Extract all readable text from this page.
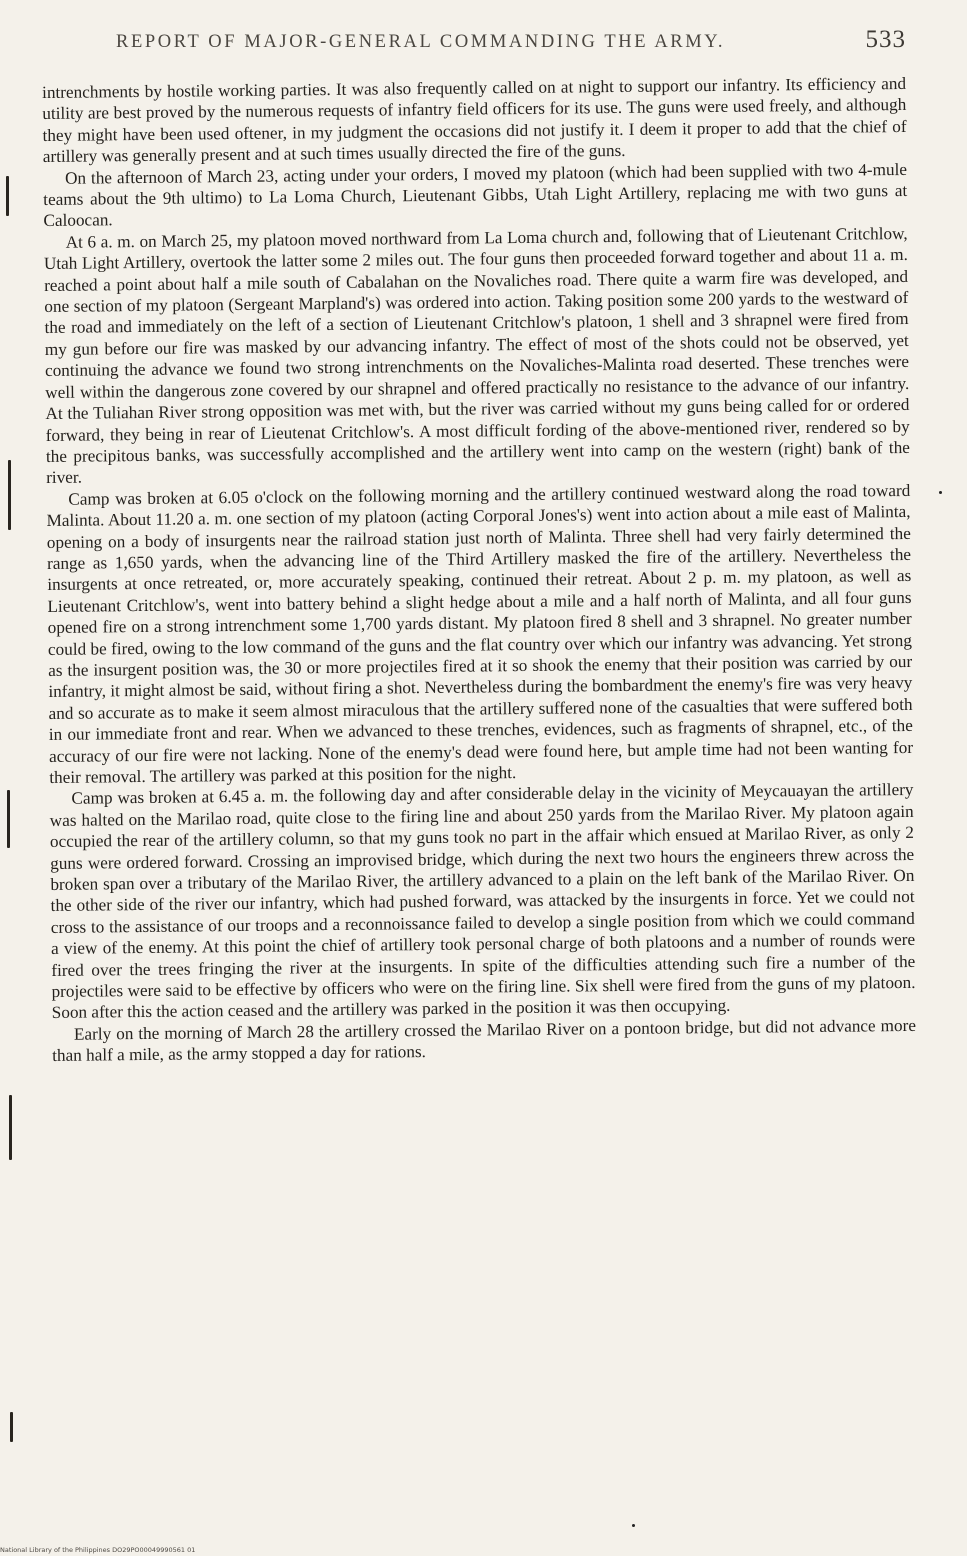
REPORT OF MAJOR-GENERAL COMMANDING THE ARMY.	533

intrenchments by hostile working parties. It was also frequently called on at night to support our infantry. Its efficiency and utility are best proved by the numerous requests of infantry field officers for its use. The guns were used freely, and although they might have been used oftener, in my judgment the occasions did not justify it. I deem it proper to add that the chief of artillery was generally present and at such times usually directed the fire of the guns.

On the afternoon of March 23, acting under your orders, I moved my platoon (which had been supplied with two 4-mule teams about the 9th ultimo) to La Loma Church, Lieutenant Gibbs, Utah Light Artillery, replacing me with two guns at Caloocan.

At 6 a. m. on March 25, my platoon moved northward from La Loma church and, following that of Lieutenant Critchlow, Utah Light Artillery, overtook the latter some 2 miles out. The four guns then proceeded forward together and about 11 a. m. reached a point about half a mile south of Cabalahan on the Novaliches road. There quite a warm fire was developed, and one section of my platoon (Sergeant Marpland's) was ordered into action. Taking position some 200 yards to the westward of the road and immediately on the left of a section of Lieutenant Critchlow's platoon, 1 shell and 3 shrapnel were fired from my gun before our fire was masked by our advancing infantry. The effect of most of the shots could not be observed, yet continuing the advance we found two strong intrenchments on the Novaliches-Malinta road deserted. These trenches were well within the dangerous zone covered by our shrapnel and offered practically no resistance to the advance of our infantry. At the Tuliahan River strong opposition was met with, but the river was carried without my guns being called for or ordered forward, they being in rear of Lieutenat Critchlow's. A most difficult fording of the above-mentioned river, rendered so by the precipitous banks, was successfully accomplished and the artillery went into camp on the western (right) bank of the river.

Camp was broken at 6.05 o'clock on the following morning and the artillery continued westward along the road toward Malinta. About 11.20 a. m. one section of my platoon (acting Corporal Jones's) went into action about a mile east of Malinta, opening on a body of insurgents near the railroad station just north of Malinta. Three shell had very fairly determined the range as 1,650 yards, when the advancing line of the Third Artillery masked the fire of the artillery. Nevertheless the insurgents at once retreated, or, more accurately speaking, continued their retreat. About 2 p. m. my platoon, as well as Lieutenant Critchlow's, went into battery behind a slight hedge about a mile and a half north of Malinta, and all four guns opened fire on a strong intrenchment some 1,700 yards distant. My platoon fired 8 shell and 3 shrapnel. No greater number could be fired, owing to the low command of the guns and the flat country over which our infantry was advancing. Yet strong as the insurgent position was, the 30 or more projectiles fired at it so shook the enemy that their position was carried by our infantry, it might almost be said, without firing a shot. Nevertheless during the bombardment the enemy's fire was very heavy and so accurate as to make it seem almost miraculous that the artillery suffered none of the casualties that were suffered both in our immediate front and rear. When we advanced to these trenches, evidences, such as fragments of shrapnel, etc., of the accuracy of our fire were not lacking. None of the enemy's dead were found here, but ample time had not been wanting for their removal. The artillery was parked at this position for the night.

Camp was broken at 6.45 a. m. the following day and after considerable delay in the vicinity of Meycauayan the artillery was halted on the Marilao road, quite close to the firing line and about 250 yards from the Marilao River. My platoon again occupied the rear of the artillery column, so that my guns took no part in the affair which ensued at Marilao River, as only 2 guns were ordered forward. Crossing an improvised bridge, which during the next two hours the engineers threw across the broken span over a tributary of the Marilao River, the artillery advanced to a plain on the left bank of the Marilao River. On the other side of the river our infantry, which had pushed forward, was attacked by the insurgents in force. Yet we could not cross to the assistance of our troops and a reconnoissance failed to develop a single position from which we could command a view of the enemy. At this point the chief of artillery took personal charge of both platoons and a number of rounds were fired over the trees fringing the river at the insurgents. In spite of the difficulties attending such fire a number of the projectiles were said to be effective by officers who were on the firing line. Six shell were fired from the guns of my platoon. Soon after this the action ceased and the artillery was parked in the position it was then occupying.

Early on the morning of March 28 the artillery crossed the Marilao River on a pontoon bridge, but did not advance more than half a mile, as the army stopped a day for rations.

National Library of the Philippines DO29PO00049990561 01
